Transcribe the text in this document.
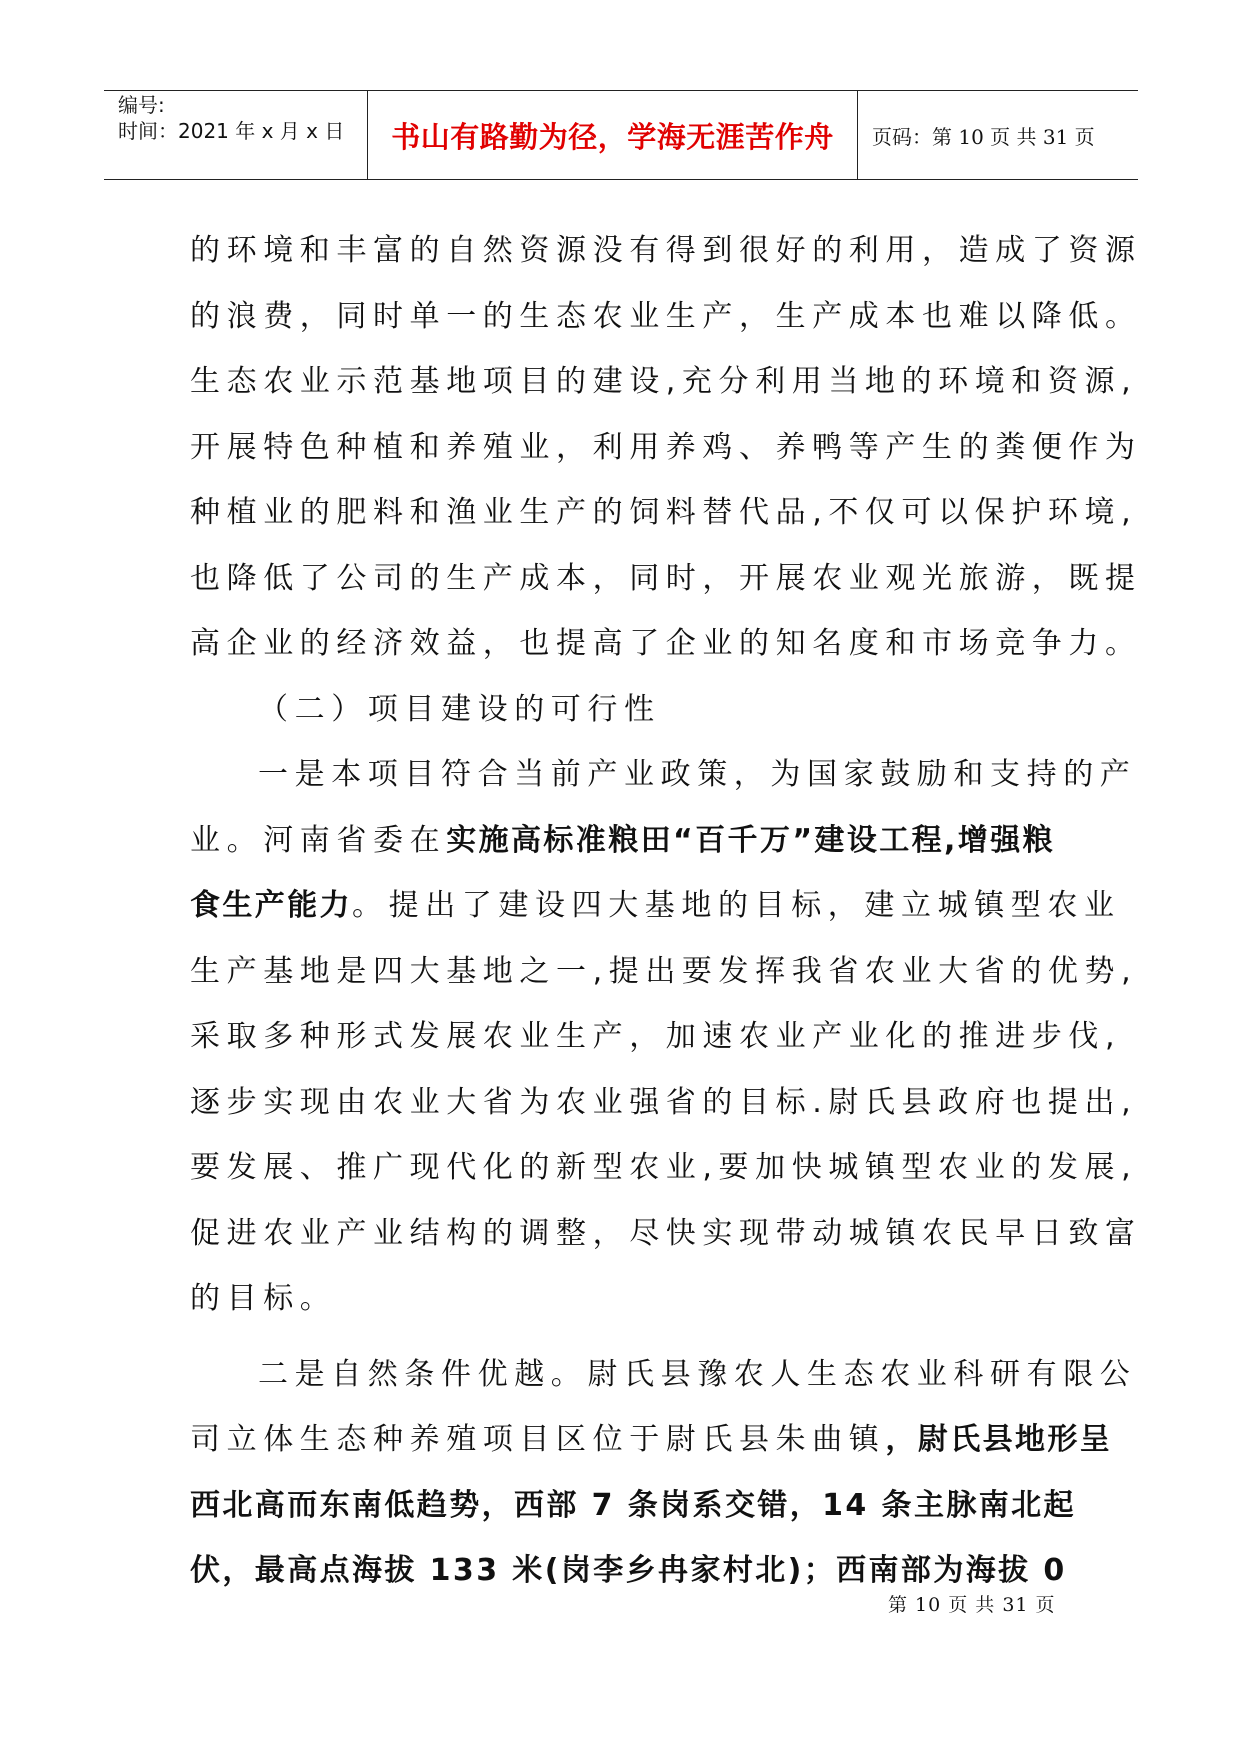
编号:
时间：2021 年 x 月 x 日	书山有路勤为径，学海无涯苦作舟	页码：第 10 页 共 31 页
的环境和丰富的自然资源没有得到很好的利用，造成了资源
的浪费，同时单一的生态农业生产，生产成本也难以降低。
生态农业示范基地项目的建设,充分利用当地的环境和资源,
开展特色种植和养殖业，利用养鸡、养鸭等产生的粪便作为
种植业的肥料和渔业生产的饲料替代品,不仅可以保护环境,
也降低了公司的生产成本，同时，开展农业观光旅游，既提
高企业的经济效益，也提高了企业的知名度和市场竞争力。
（二）项目建设的可行性
一是本项目符合当前产业政策，为国家鼓励和支持的产
业。河南省委在实施高标准粮田“百千万”建设工程,增强粮
食生产能力。提出了建设四大基地的目标，建立城镇型农业
生产基地是四大基地之一,提出要发挥我省农业大省的优势,
采取多种形式发展农业生产，加速农业产业化的推进步伐,
逐步实现由农业大省为农业强省的目标.尉氏县政府也提出,
要发展、推广现代化的新型农业,要加快城镇型农业的发展,
促进农业产业结构的调整，尽快实现带动城镇农民早日致富
的目标。
二是自然条件优越。尉氏县豫农人生态农业科研有限公
司立体生态种养殖项目区位于尉氏县朱曲镇，尉氏县地形呈
西北高而东南低趋势，西部 7 条岗系交错，14 条主脉南北起
伏，最高点海拔 133 米(岗李乡冉家村北)；西南部为海拔 0
第 10 页 共 31 页
